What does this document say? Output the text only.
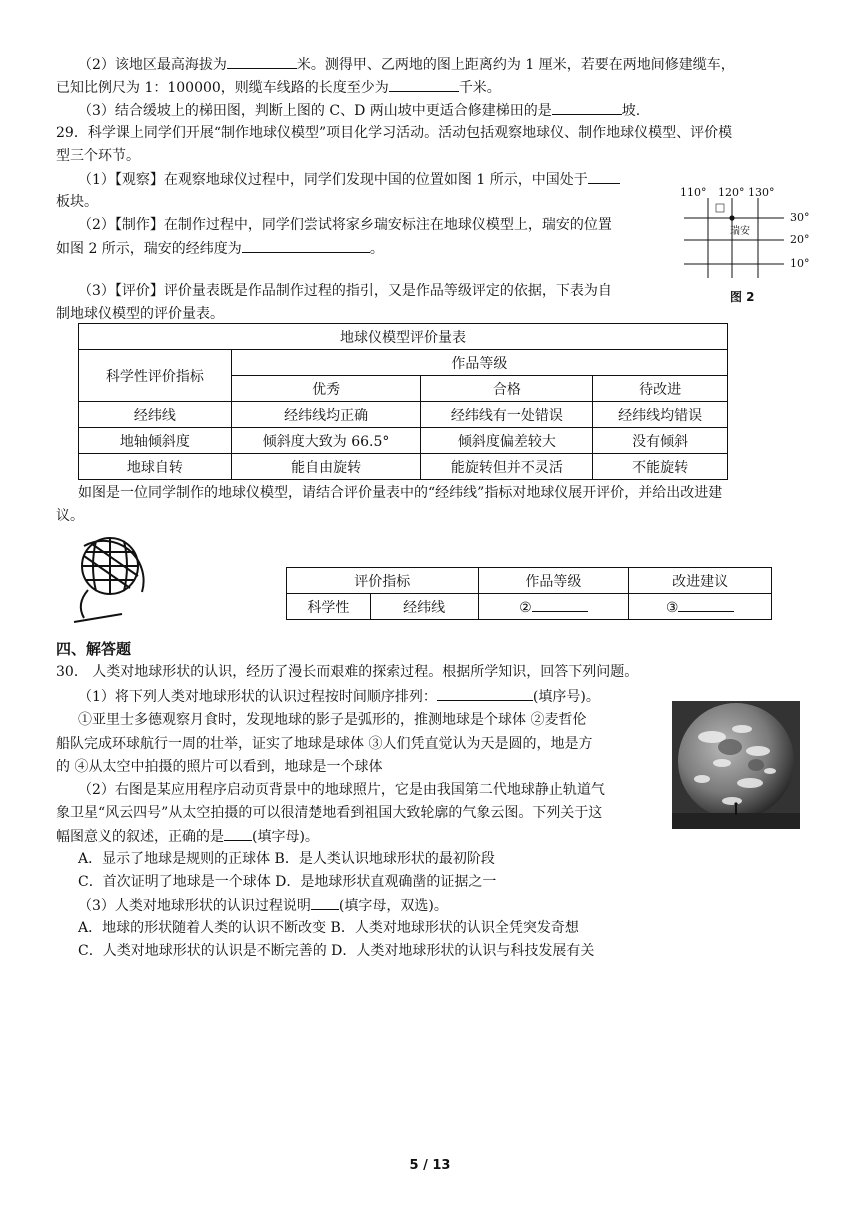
（2）该地区最高海拔为	米。测得甲、乙两地的图上距离约为 1 厘米，若要在两地间修建缆车，
已知比例尺为 1：100000，则缆车线路的长度至少为	千米。
（3）结合缓坡上的梯田图，判断上图的 C、D 两山坡中更适合修建梯田的是	坡.
29．科学课上同学们开展“制作地球仪模型”项目化学习活动。活动包括观察地球仪、制作地球仪模型、评价模
型三个环节。
（1）【观察】在观察地球仪过程中，同学们发现中国的位置如图 1 所示，中国处于
板块。
（2）【制作】在制作过程中，同学们尝试将家乡瑞安标注在地球仪模型上，瑞安的位置
如图 2 所示，瑞安的经纬度为	。
110° 120° 130°
30°
20°
10°
瑞安
图 2
（3）【评价】评价量表既是作品制作过程的指引，又是作品等级评定的依据，下表为自
制地球仪模型的评价量表。
地球仪模型评价量表			
科学性评价指标	作品等级		
	优秀	合格	待改进
经纬线	经纬线均正确	经纬线有一处错误	经纬线均错误
地轴倾斜度	倾斜度大致为 66.5°	倾斜度偏差较大	没有倾斜
地球自转	能自由旋转	能旋转但并不灵活	不能旋转
如图是一位同学制作的地球仪模型，请结合评价量表中的“经纬线”指标对地球仪展开评价，并给出改进建
议。
评价指标		作品等级	改进建议
科学性	经纬线	②	③
四、解答题
30． 人类对地球形状的认识，经历了漫长而艰难的探索过程。根据所学知识，回答下列问题。
（1）将下列人类对地球形状的认识过程按时间顺序排列：	(填序号)。
①亚里士多德观察月食时，发现地球的影子是弧形的，推测地球是个球体 ②麦哲伦
船队完成环球航行一周的壮举，证实了地球是球体 ③人们凭直觉认为天是圆的，地是方
的 ④从太空中拍摄的照片可以看到，地球是一个球体
（2）右图是某应用程序启动页背景中的地球照片，它是由我国第二代地球静止轨道气
象卫星“风云四号”从太空拍摄的可以很清楚地看到祖国大致轮廓的气象云图。下列关于这
幅图意义的叙述，正确的是 (填字母)。
A．显示了地球是规则的正球体 B．是人类认识地球形状的最初阶段
C．首次证明了地球是一个球体 D．是地球形状直观确凿的证据之一
（3）人类对地球形状的认识过程说明 (填字母，双选)。
A．地球的形状随着人类的认识不断改变 B．人类对地球形状的认识全凭突发奇想
C．人类对地球形状的认识是不断完善的 D．人类对地球形状的认识与科技发展有关
5 / 13
